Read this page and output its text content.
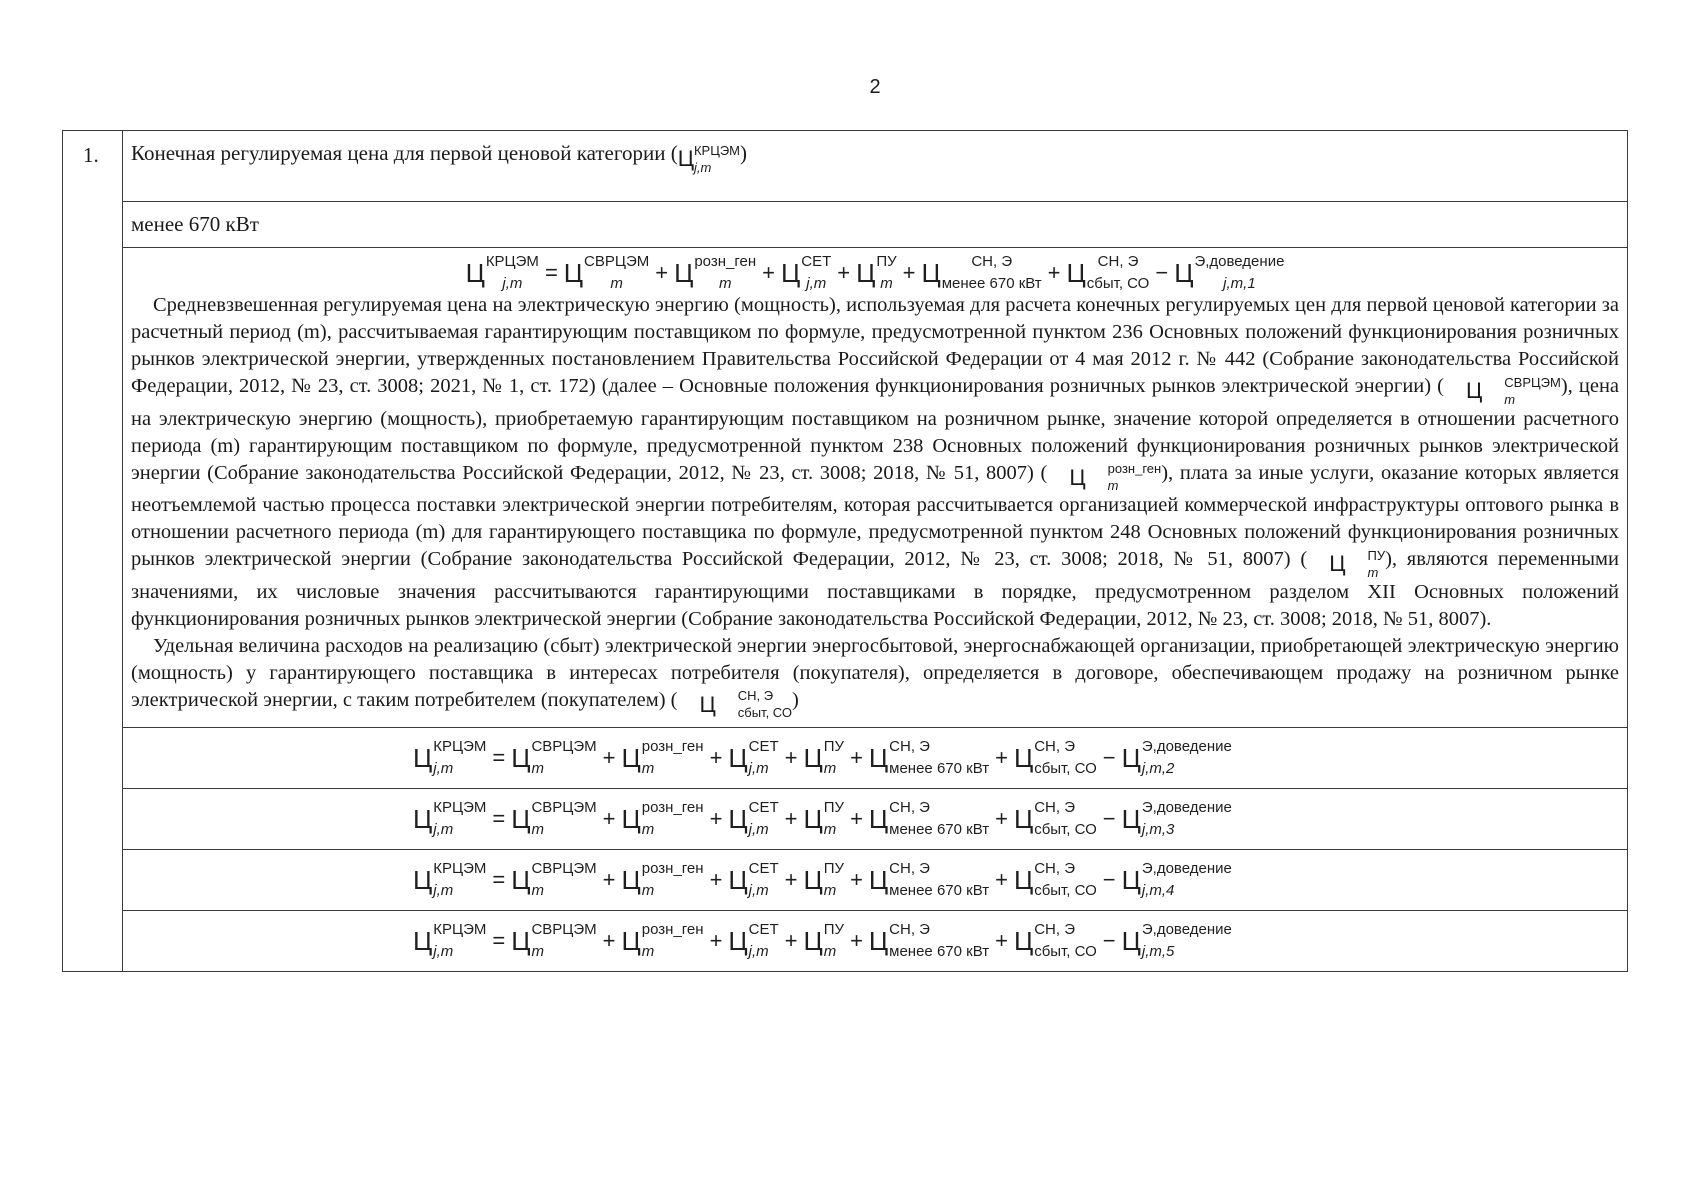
2
1.	Конечная регулируемая цена для первой ценовой категории ( Ц КРЦЭМ
j,m
)
менее 670 кВт

Ц КРЦЭМ
j,m	= Ц СВРЦЭМ
m	+ Ц розн_ген
m	+ Ц СЕТ
j,m + Ц ПУ
m + Ц	СН, Э
менее 670 кВт + Ц СН, Э
сбыт, СО − Ц Э,доведение
j,m,1

Средневзвешенная регулируемая цена на электрическую энергию (мощность), используемая для расчета конечных регулируемых цен для первой ценовой категории за расчетный период (m), рассчитываемая гарантирующим поставщиком по формуле, предусмотренной пунктом 236 Основных положений функционирования розничных рынков электрической энергии, утвержденных постановлением Правительства Российской Федерации от 4 мая 2012 г. № 442 (Собрание законодательства Российской Федерации, 2012, № 23, ст. 3008; 2021, № 1, ст. 172) (далее – Основные положения функционирования розничных рынков электрической энергии) (	Ц	СВРЦЭМ
m
), цена на электрическую энергию (мощность), приобретаемую гарантирующим поставщиком на розничном рынке, значение которой определяется в отношении расчетного периода (m) гарантирующим поставщиком по формуле, предусмотренной пунктом 238 Основных положений функционирования розничных рынков электрической энергии (Собрание законодательства Российской Федерации, 2012, № 23, ст. 3008; 2018, № 51, 8007) (	Ц	розн_ген
m
), плата за иные услуги, оказание которых является неотъемлемой частью процесса поставки электрической энергии потребителям, которая рассчитывается организацией коммерческой инфраструктуры оптового рынка в отношении расчетного периода (m) для гарантирующего поставщика по формуле, предусмотренной пунктом 248 Основных положений функционирования розничных рынков электрической энергии (Собрание законодательства Российской Федерации, 2012, № 23, ст. 3008; 2018, № 51, 8007) (	Ц	ПУ
m
), являются переменными значениями, их числовые значения рассчитываются гарантирующими поставщиками в порядке, предусмотренном разделом XII Основных положений функционирования розничных рынков электрической энергии (Собрание законодательства Российской Федерации, 2012, № 23, ст. 3008; 2018, № 51, 8007).

Удельная величина расходов на реализацию (сбыт) электрической энергии энергосбытовой, энергоснабжающей организации, приобретающей электрическую энергию (мощность) у гарантирующего поставщика в интересах потребителя (покупателя), определяется в договоре, обеспечивающем продажу на розничном рынке электрической энергии, с таким потребителем (покупателем) (	Ц	СН, Э
сбыт, СО
)

Ц КРЦЭМ
j,m	= Ц СВРЦЭМ
m	+ Ц розн_ген
m	+ Ц СЕТ
j,m + Ц ПУ
m + Ц СН, Э
менее 670 кВт + Ц СН, Э
сбыт, СО − Ц Э,доведение
j,m,2

Ц КРЦЭМ
j,m	= Ц СВРЦЭМ
m	+ Ц розн_ген
m	+ Ц СЕТ
j,m + Ц ПУ
m + Ц СН, Э
менее 670 кВт + Ц СН, Э
сбыт, СО − Ц Э,доведение
j,m,3

Ц КРЦЭМ
j,m	= Ц СВРЦЭМ
m	+ Ц розн_ген
m	+ Ц СЕТ
j,m + Ц ПУ
m + Ц СН, Э
менее 670 кВт + Ц СН, Э
сбыт, СО − Ц Э,доведение
j,m,4

Ц КРЦЭМ
j,m	= Ц СВРЦЭМ
m	+ Ц розн_ген
m	+ Ц СЕТ
j,m + Ц ПУ
m + Ц СН, Э
менее 670 кВт + Ц СН, Э
сбыт, СО − Ц Э,доведение
j,m,5
